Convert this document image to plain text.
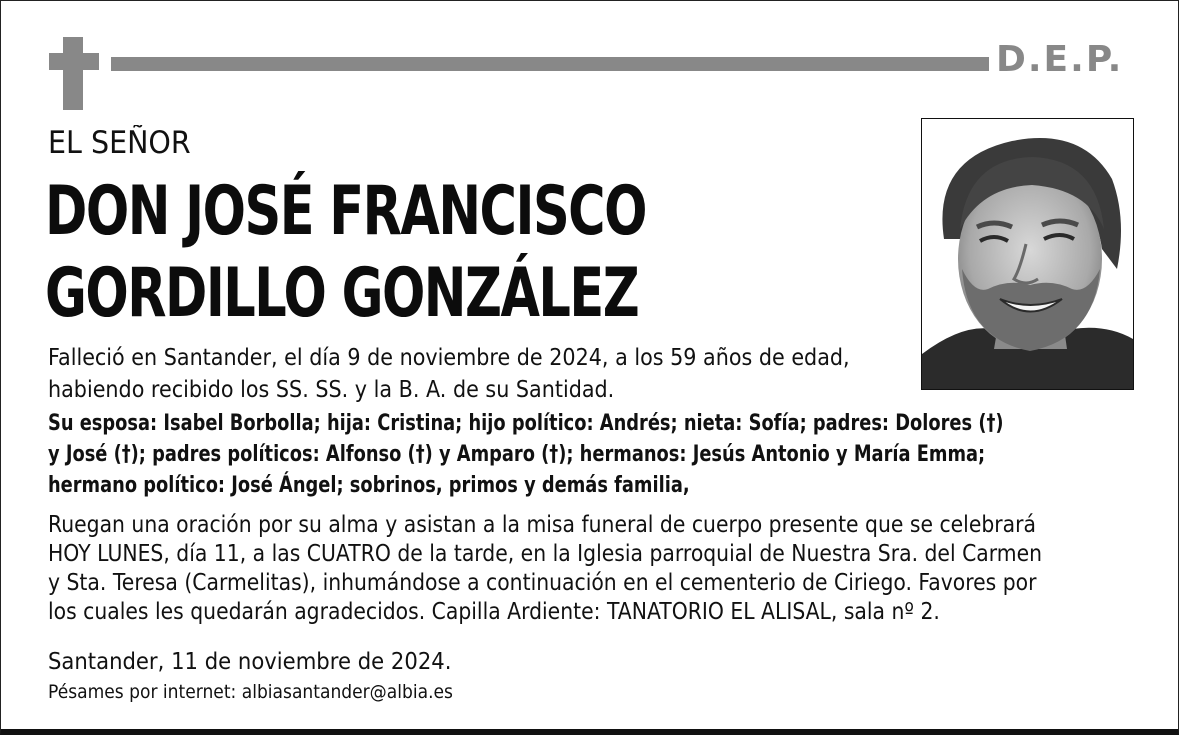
D.E.P.
EL SEÑOR
DON JOSÉ FRANCISCO
GORDILLO GONZÁLEZ
Falleció en Santander, el día 9 de noviembre de 2024, a los 59 años de edad,
habiendo recibido los SS. SS. y la B. A. de su Santidad.
Su esposa: Isabel Borbolla; hija: Cristina; hijo político: Andrés; nieta: Sofía; padres: Dolores (†)
y José (†); padres políticos: Alfonso (†) y Amparo (†); hermanos: Jesús Antonio y María Emma;
hermano político: José Ángel; sobrinos, primos y demás familia,
Ruegan una oración por su alma y asistan a la misa funeral de cuerpo presente que se celebrará
HOY LUNES, día 11, a las CUATRO de la tarde, en la Iglesia parroquial de Nuestra Sra. del Carmen
y Sta. Teresa (Carmelitas), inhumándose a continuación en el cementerio de Ciriego. Favores por
los cuales les quedarán agradecidos. Capilla Ardiente: TANATORIO EL ALISAL, sala nº 2.
Santander, 11 de noviembre de 2024.
Pésames por internet: albiasantander@albia.es
